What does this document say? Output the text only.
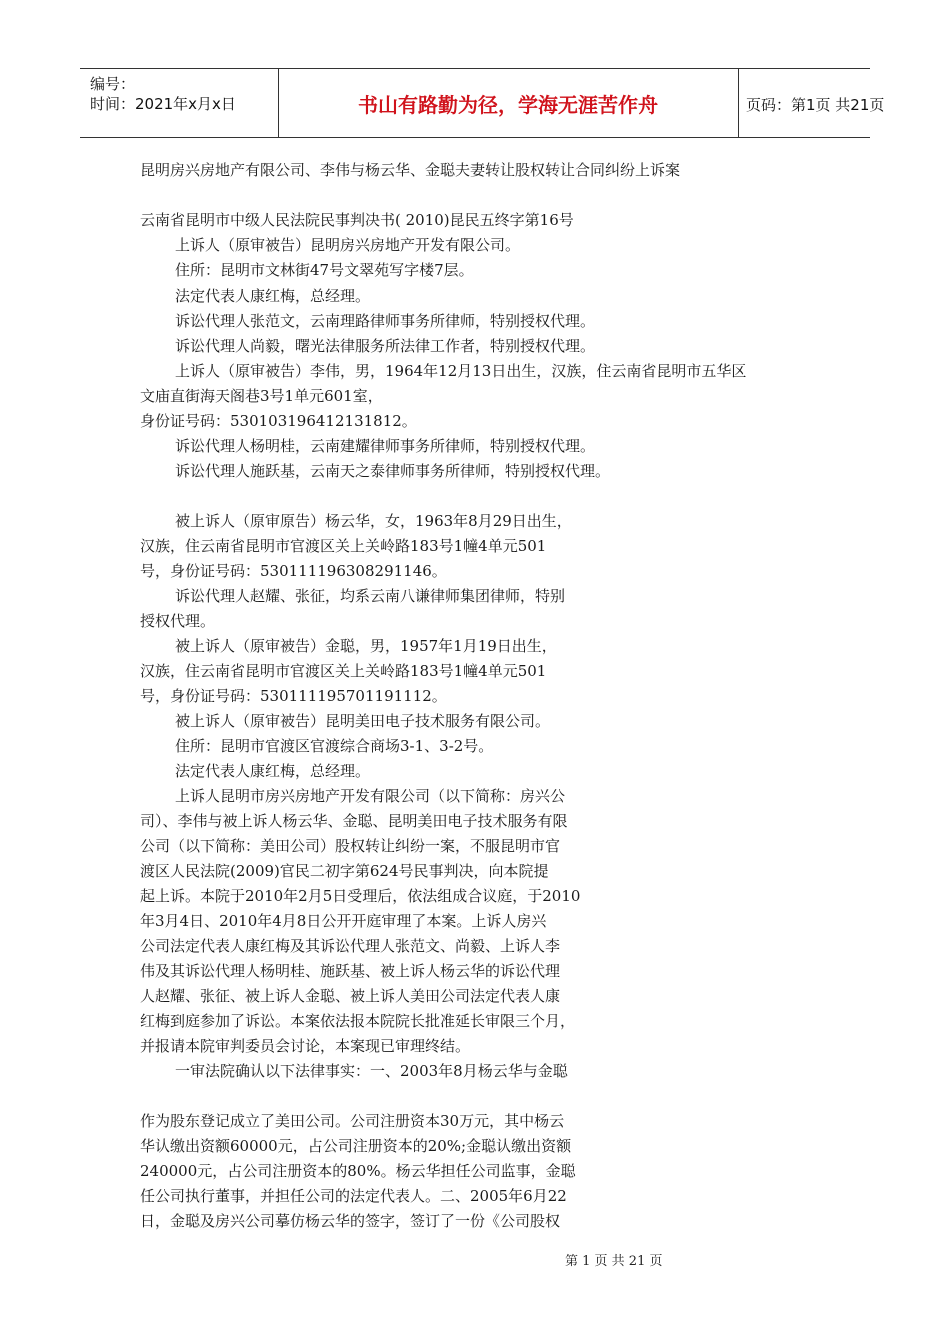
编号：
时间：2021年x月x日	书山有路勤为径，学海无涯苦作舟	页码：第1页 共21页
昆明房兴房地产有限公司、李伟与杨云华、金聪夫妻转让股权转让合同纠纷上诉案
云南省昆明市中级人民法院民事判决书( 2010)昆民五终字第16号
上诉人（原审被告）昆明房兴房地产开发有限公司。
住所：昆明市文林街47号文翠苑写字楼7层。
法定代表人康红梅，总经理。
诉讼代理人张范文，云南理路律师事务所律师，特别授权代理。
诉讼代理人尚毅，曙光法律服务所法律工作者，特别授权代理。
上诉人（原审被告）李伟，男，1964年12月13日出生，汉族，住云南省昆明市五华区
文庙直街海天阁巷3号1单元601室，
身份证号码：530103196412131812。
诉讼代理人杨明桂，云南建耀律师事务所律师，特别授权代理。
诉讼代理人施跃基，云南天之泰律师事务所律师，特别授权代理。
被上诉人（原审原告）杨云华，女，1963年8月29日出生，
汉族，住云南省昆明市官渡区关上关岭路183号1幢4单元501
号，身份证号码：530111196308291146。
诉讼代理人赵耀、张征，均系云南八谦律师集团律师，特别
授权代理。
被上诉人（原审被告）金聪，男，1957年1月19日出生，
汉族，住云南省昆明市官渡区关上关岭路183号1幢4单元501
号，身份证号码：530111195701191112。
被上诉人（原审被告）昆明美田电子技术服务有限公司。
住所：昆明市官渡区官渡综合商场3-1、3-2号。
法定代表人康红梅，总经理。
上诉人昆明市房兴房地产开发有限公司（以下简称：房兴公
司）、李伟与被上诉人杨云华、金聪、昆明美田电子技术服务有限
公司（以下简称：美田公司）股权转让纠纷一案，不服昆明市官
渡区人民法院(2009)官民二初字第624号民事判决，向本院提
起上诉。本院于2010年2月5日受理后，依法组成合议庭，于2010
年3月4日、2010年4月8日公开开庭审理了本案。上诉人房兴
公司法定代表人康红梅及其诉讼代理人张范文、尚毅、上诉人李
伟及其诉讼代理人杨明桂、施跃基、被上诉人杨云华的诉讼代理
人赵耀、张征、被上诉人金聪、被上诉人美田公司法定代表人康
红梅到庭参加了诉讼。本案依法报本院院长批准延长审限三个月，
并报请本院审判委员会讨论，本案现已审理终结。
一审法院确认以下法律事实：一、2003年8月杨云华与金聪
作为股东登记成立了美田公司。公司注册资本30万元，其中杨云
华认缴出资额60000元，占公司注册资本的20%;金聪认缴出资额
240000元，占公司注册资本的80%。杨云华担任公司监事，金聪
任公司执行董事，并担任公司的法定代表人。二、2005年6月22
日，金聪及房兴公司摹仿杨云华的签字，签订了一份《公司股权
第 1 页 共 21 页
